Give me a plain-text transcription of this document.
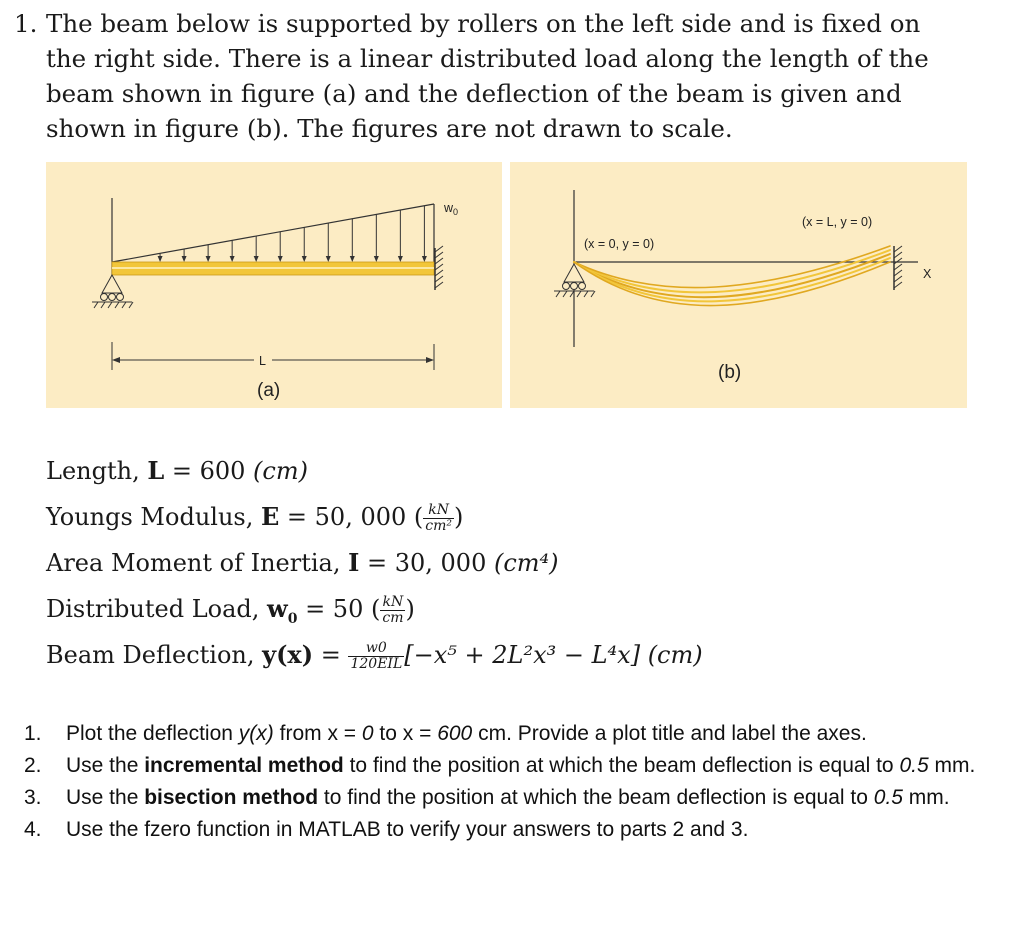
1. The beam below is supported by rollers on the left side and is fixed on
the right side. There is a linear distributed load along the length of the
beam shown in figure (a) and the deflection of the beam is given and
shown in figure (b). The figures are not drawn to scale.
L
$w_0$
(a)
X
(x = 0, y = 0)
(x = L, y = 0)
(b)
Length, L = 600 (cm)
Youngs Modulus, E = 50, 000 ( $\frac{kN}{\text{cm²}}$ )
Area Moment of Inertia, I = 30, 000 (cm⁴)
Distributed Load, $w_0 = 50$ ( $\frac{kN}{cm}$ )
Beam Deflection, $y(x) = \frac{w0}{\text{120EIL}} [-x^5 + 2L^2x^3 - L^4x]$ (cm)
1. Plot the deflection y(x) from x = 0 to x = 600 cm. Provide a plot title and label the axes.
2. Use the incremental method to find the position at which the beam deflection is equal to 0.5 mm.
3. Use the bisection method to find the position at which the beam deflection is equal to 0.5 mm.
4. Use the fzero function in MATLAB to verify your answers to parts 2 and 3.
